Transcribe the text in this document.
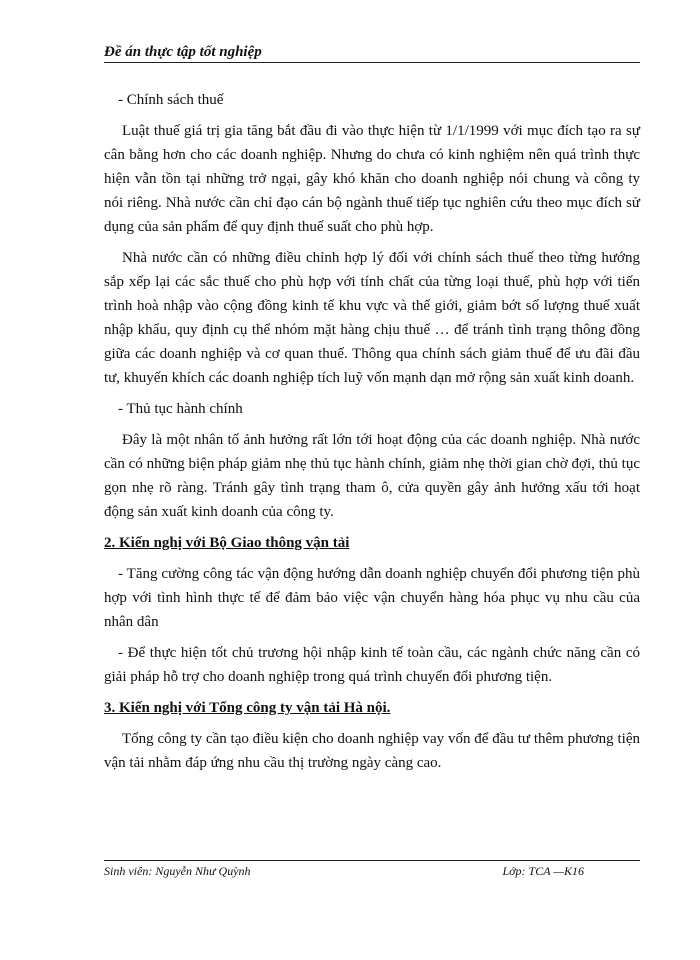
Đề án thực tập tốt nghiệp

- Chính sách thuế

Luật thuế giá trị gia tăng bắt đầu đi vào thực hiện từ 1/1/1999 với mục đích tạo ra sự cân bằng hơn cho các doanh nghiệp. Nhưng do chưa có kinh nghiệm nên quá trình thực hiện vẫn tồn tại những trở ngại, gây khó khăn cho doanh nghiệp nói chung và công ty nói riêng. Nhà nước cần chỉ đạo cán bộ ngành thuế tiếp tục nghiên cứu theo mục đích sử dụng của sản phẩm để quy định thuế suất cho phù hợp.

Nhà nước cần có những điều chỉnh hợp lý đối với chính sách thuế theo từng hướng sắp xếp lại các sắc thuế cho phù hợp với tính chất của từng loại thuế, phù hợp với tiến trình hoà nhập vào cộng đồng kinh tế khu vực và thế giới, giảm bớt số lượng thuế xuất nhập khẩu, quy định cụ thể nhóm mặt hàng chịu thuế … để tránh tình trạng thông đồng giữa các doanh nghiệp và cơ quan thuế. Thông qua chính sách giảm thuế để ưu đãi đầu tư, khuyến khích các doanh nghiệp tích luỹ vốn mạnh dạn mở rộng sản xuất kinh doanh.

- Thủ tục hành chính

Đây là một nhân tố ảnh hưởng rất lớn tới hoạt động của các doanh nghiệp. Nhà nước cần có những biện pháp giảm nhẹ thủ tục hành chính, giảm nhẹ thời gian chờ đợi, thủ tục gọn nhẹ rõ ràng. Tránh gây tình trạng tham ô, cửa quyền gây ảnh hưởng xấu tới hoạt động sản xuất kinh doanh của công ty.

2. Kiến nghị với Bộ Giao thông vận tải

- Tăng cường công tác vận động hướng dẫn doanh nghiệp chuyển đổi phương tiện phù hợp với tình hình thực tế để đảm bảo việc vận chuyển hàng hóa phục vụ nhu cầu của nhân dân

- Để thực hiện tốt chủ trương hội nhập kinh tế toàn cầu, các ngành chức năng cần có giải pháp hỗ trợ cho doanh nghiệp trong quá trình chuyển đổi phương tiện.

3. Kiến nghị với Tổng công ty vận tải Hà nội.

Tổng công ty cần tạo điều kiện cho doanh nghiệp vay vốn để đầu tư thêm phương tiện vận tải nhằm đáp ứng nhu cầu thị trường ngày càng cao.

Sinh viên: Nguyễn Như Quỳnh	Lớp: TCA —K16
